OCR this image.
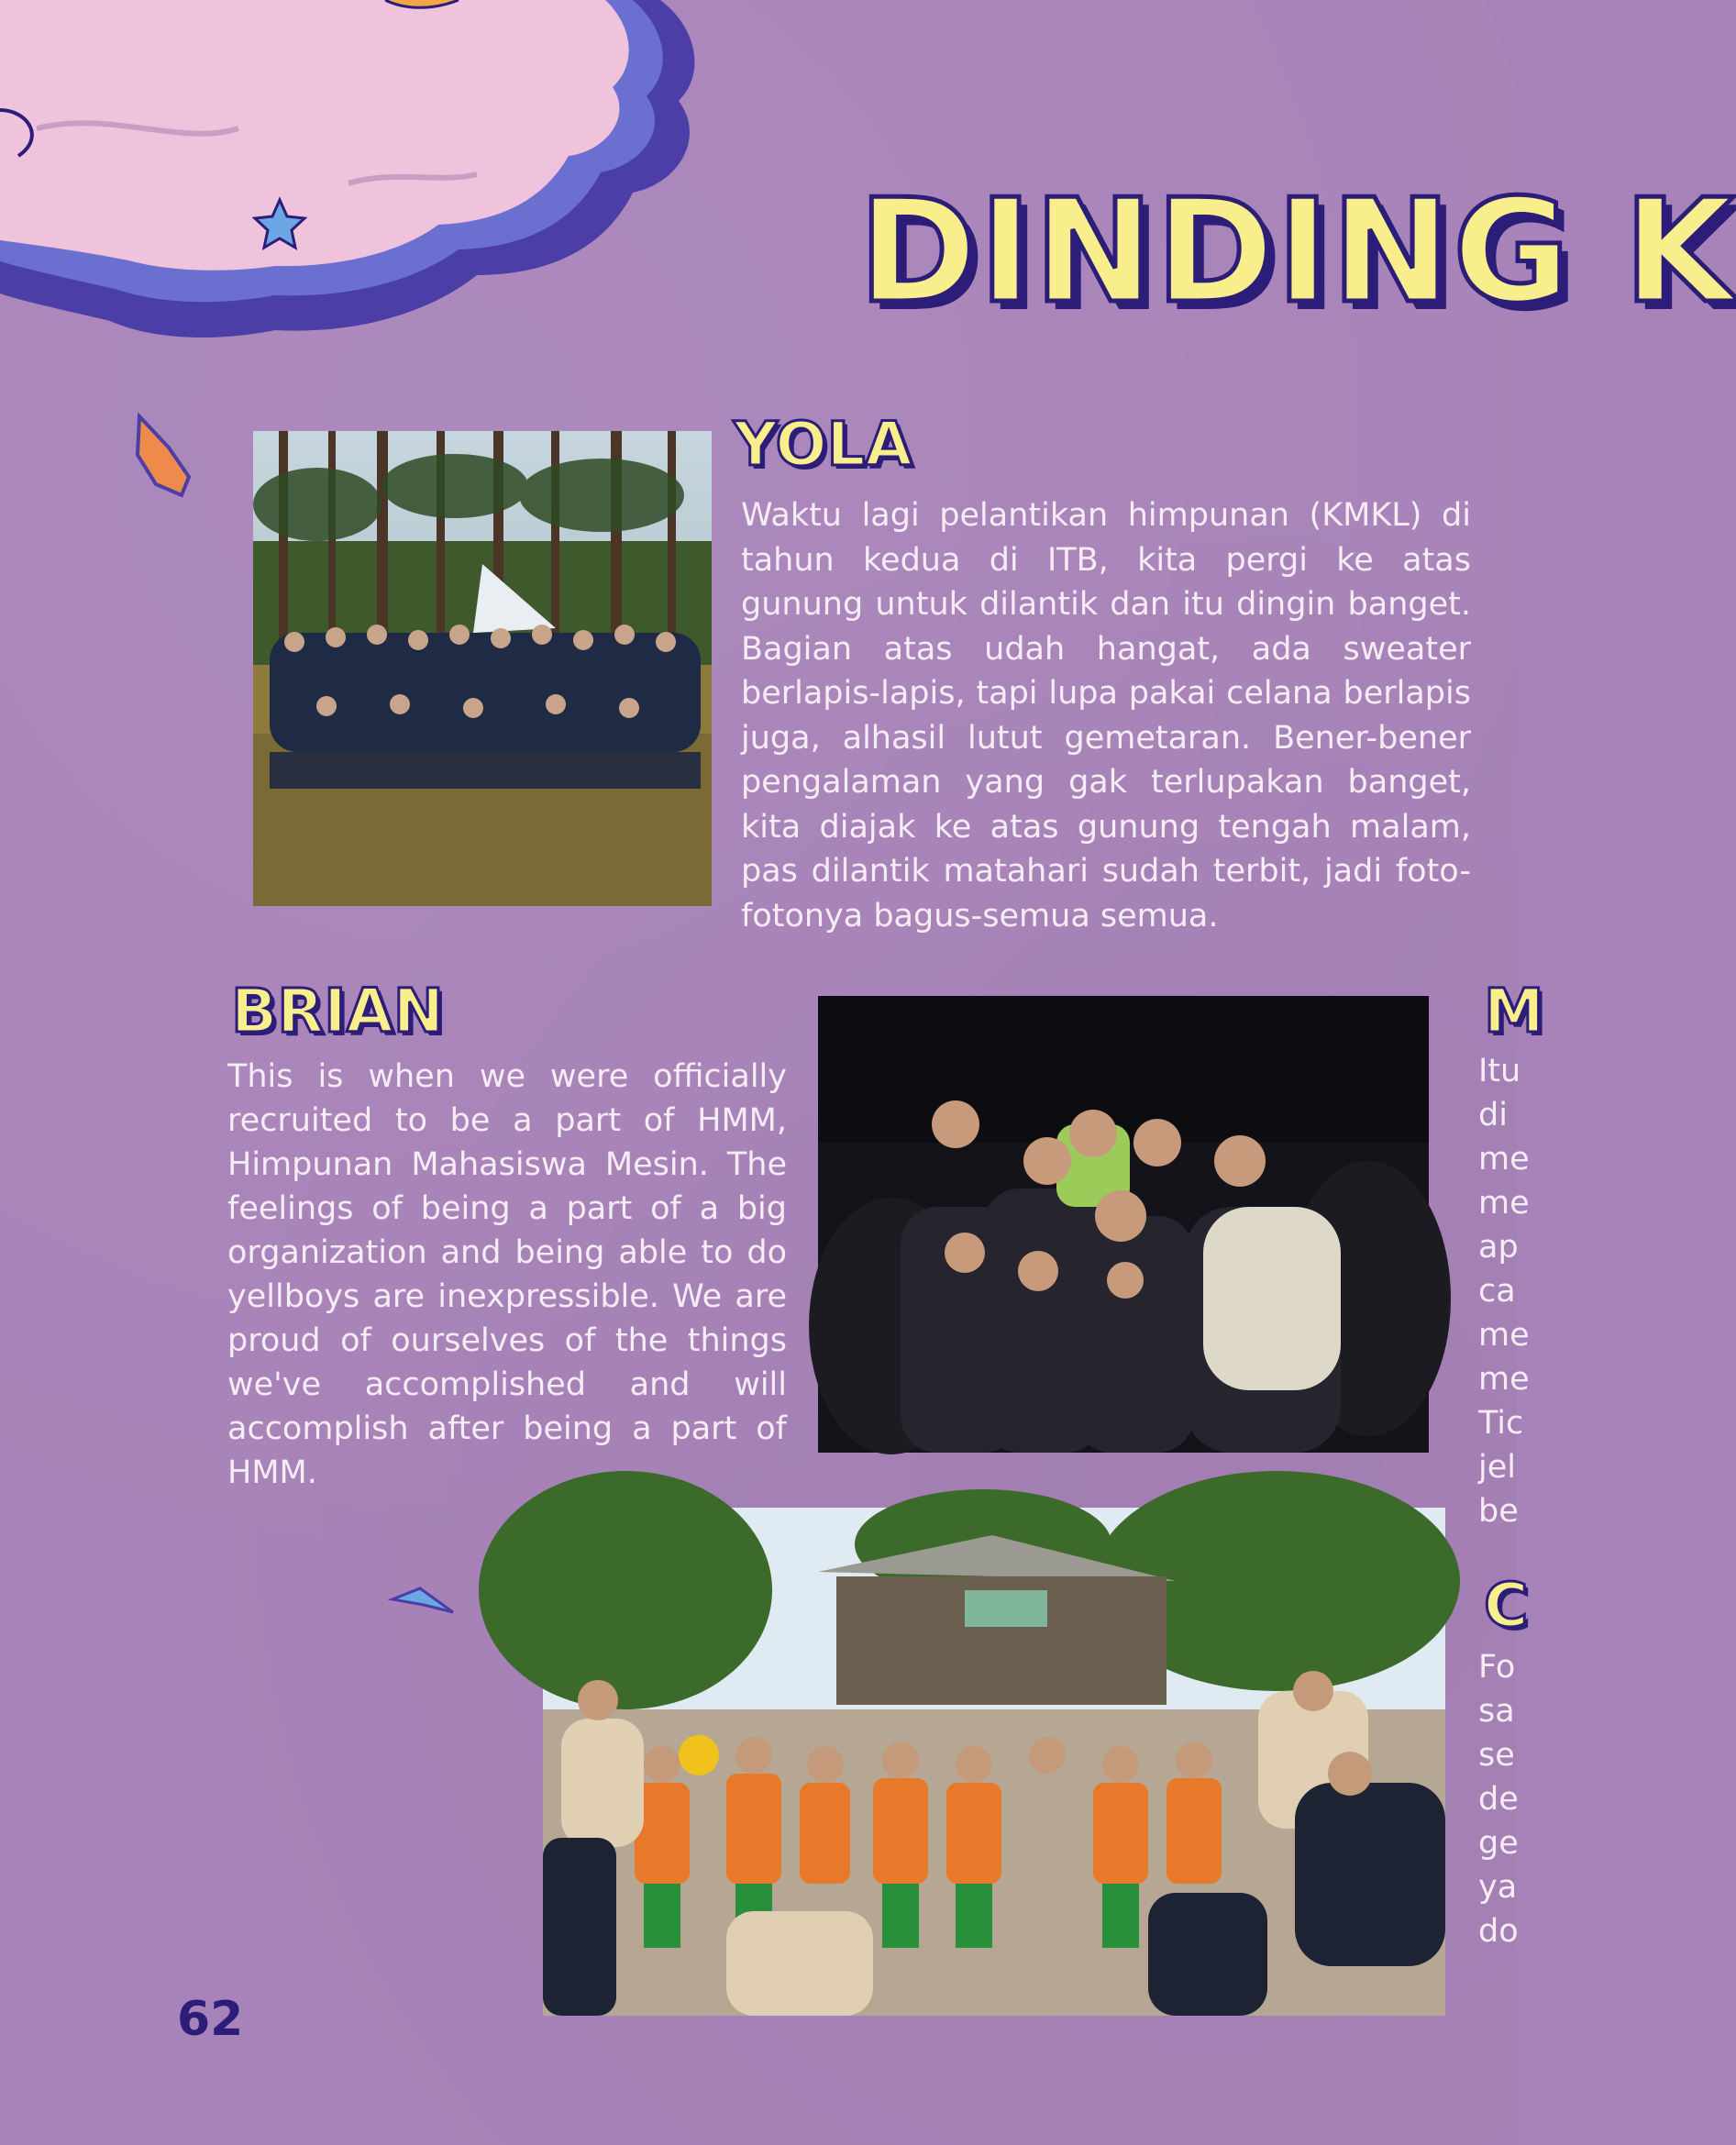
DINDING K
YOLA

Waktu lagi pelantikan himpunan (KMKL) di tahun kedua di ITB, kita pergi ke atas gunung untuk dilantik dan itu dingin banget. Bagian atas udah hangat, ada sweater berlapis-lapis, tapi lupa pakai celana berlapis juga, alhasil lutut gemetaran. Bener-bener pengalaman yang gak terlupakan banget, kita diajak ke atas gunung tengah malam, pas dilantik matahari sudah terbit, jadi foto-fotonya bagus-semua semua.

BRIAN

This is when we were officially recruited to be a part of HMM, Himpunan Mahasiswa Mesin. The feelings of being a part of a big organization and being able to do yellboys are inexpressible. We are proud of ourselves of the things we've accomplished and will accomplish after being a part of HMM.

M

Itu di me me ap ca me me Tic jel be

C

Fo sa se de ge ya do

62
